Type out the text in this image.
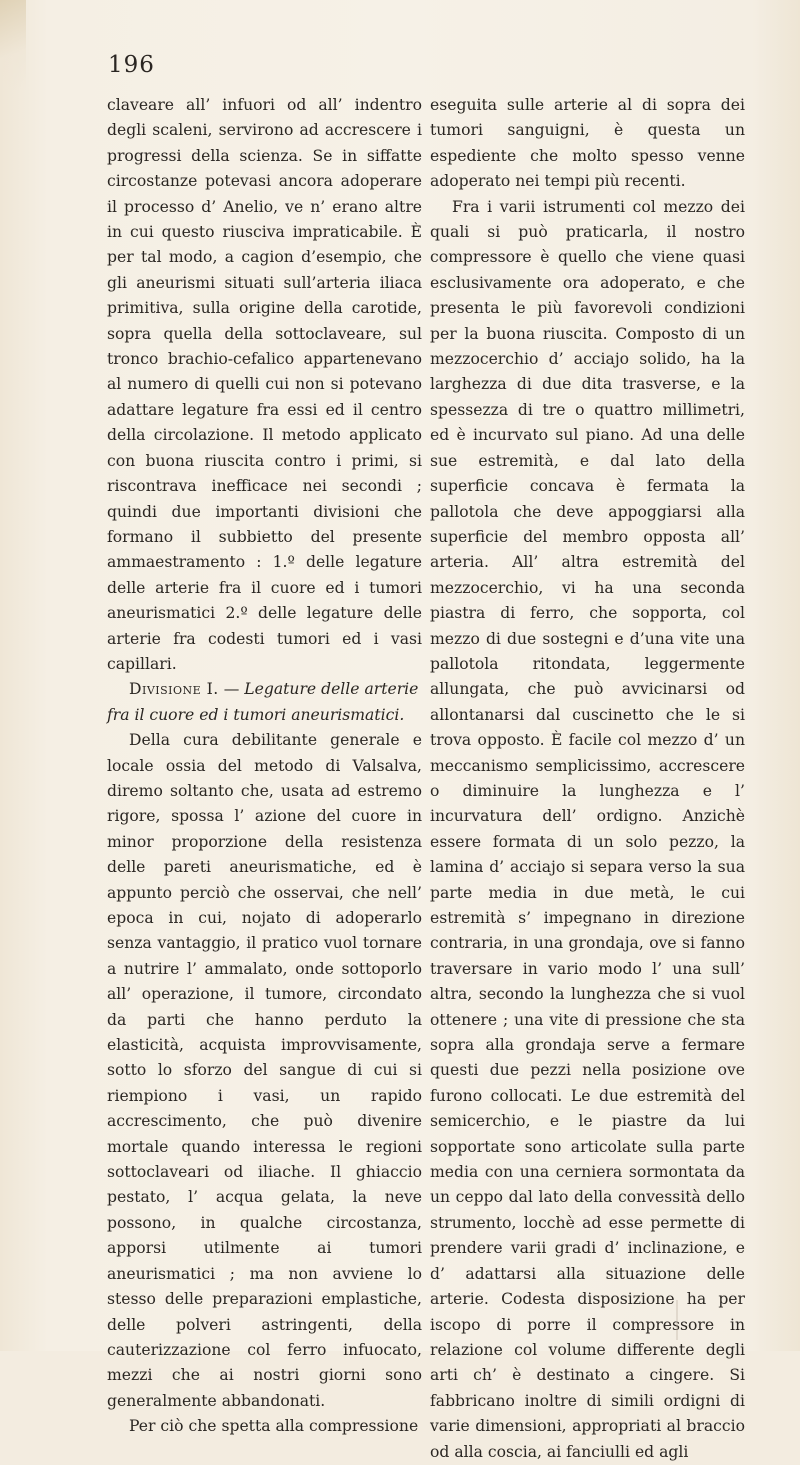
196

claveare all’ infuori od all’ indentro degli scaleni, servirono ad accrescere i progressi della scienza. Se in siffatte circostanze potevasi ancora adoperare il processo d’ Anelio, ve n’ erano altre in cui questo riusciva impraticabile. È per tal modo, a cagion d’esempio, che gli aneurismi situati sull’arteria iliaca primitiva, sulla origine della carotide, sopra quella della sottoclaveare, sul tronco brachio-cefalico appartenevano al numero di quelli cui non si potevano adattare legature fra essi ed il centro della circolazione. Il metodo applicato con buona riuscita contro i primi, si riscontrava inefficace nei secondi ; quindi due importanti divisioni che formano il subbietto del presente ammaestramento : 1.º delle legature delle arterie fra il cuore ed i tumori aneurismatici 2.º delle legature delle arterie fra codesti tumori ed i vasi capillari.

Divisione I. — Legature delle arterie fra il cuore ed i tumori aneurismatici.

Della cura debilitante generale e locale ossia del metodo di Valsalva, diremo soltanto che, usata ad estremo rigore, spossa l’ azione del cuore in minor proporzione della resistenza delle pareti aneurismatiche, ed è appunto perciò che osservai, che nell’ epoca in cui, nojato di adoperarlo senza vantaggio, il pratico vuol tornare a nutrire l’ ammalato, onde sottoporlo all’ operazione, il tumore, circondato da parti che hanno perduto la elasticità, acquista improvvisamente, sotto lo sforzo del sangue di cui si riempiono i vasi, un rapido accrescimento, che può divenire mortale quando interessa le regioni sottoclaveari od iliache. Il ghiaccio pestato, l’ acqua gelata, la neve possono, in qualche circostanza, apporsi utilmente ai tumori aneurismatici ; ma non avviene lo stesso delle preparazioni emplastiche, delle polveri astringenti, della cauterizzazione col ferro infuocato, mezzi che ai nostri giorni sono generalmente abbandonati.

Per ciò che spetta alla compressione

eseguita sulle arterie al di sopra dei tumori sanguigni, è questa un espediente che molto spesso venne adoperato nei tempi più recenti.

Fra i varii istrumenti col mezzo dei quali si può praticarla, il nostro compressore è quello che viene quasi esclusivamente ora adoperato, e che presenta le più favorevoli condizioni per la buona riuscita. Composto di un mezzocerchio d’ acciajo solido, ha la larghezza di due dita trasverse, e la spessezza di tre o quattro millimetri, ed è incurvato sul piano. Ad una delle sue estremità, e dal lato della superficie concava è fermata la pallotola che deve appoggiarsi alla superficie del membro opposta all’ arteria. All’ altra estremità del mezzocerchio, vi ha una seconda piastra di ferro, che sopporta, col mezzo di due sostegni e d’una vite una pallotola ritondata, leggermente allungata, che può avvicinarsi od allontanarsi dal cuscinetto che le si trova opposto. È facile col mezzo d’ un meccanismo semplicissimo, accrescere o diminuire la lunghezza e l’ incurvatura dell’ ordigno. Anzichè essere formata di un solo pezzo, la lamina d’ acciajo si separa verso la sua parte media in due metà, le cui estremità s’ impegnano in direzione contraria, in una grondaja, ove si fanno traversare in vario modo l’ una sull’ altra, secondo la lunghezza che si vuol ottenere ; una vite di pressione che sta sopra alla grondaja serve a fermare questi due pezzi nella posizione ove furono collocati. Le due estremità del semicerchio, e le piastre da lui sopportate sono articolate sulla parte media con una cerniera sormontata da un ceppo dal lato della convessità dello strumento, locchè ad esse permette di prendere varii gradi d’ inclinazione, e d’ adattarsi alla situazione delle arterie. Codesta disposizione ha per iscopo di porre il compressore in relazione col volume differente degli arti ch’ è destinato a cingere. Si fabbricano inoltre di simili ordigni di varie dimensioni, appropriati al braccio od alla coscia, ai fanciulli ed agli
